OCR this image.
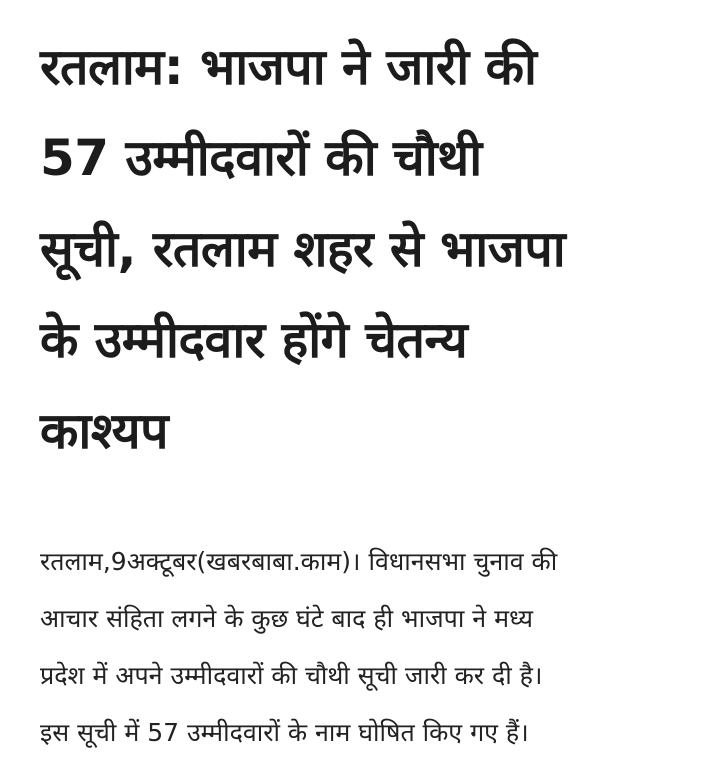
रतलाम: भाजपा ने जारी की
57 उम्मीदवारों की चौथी
सूची, रतलाम शहर से भाजपा
के उम्मीदवार होंगे चेतन्य
काश्यप

रतलाम,9अक्टूबर(खबरबाबा.काम)। विधानसभा चुनाव की
आचार संहिता लगने के कुछ घंटे बाद ही भाजपा ने मध्य
प्रदेश में अपने उम्मीदवारों की चौथी सूची जारी कर दी है।
इस सूची में 57 उम्मीदवारों के नाम घोषित किए गए हैं।
